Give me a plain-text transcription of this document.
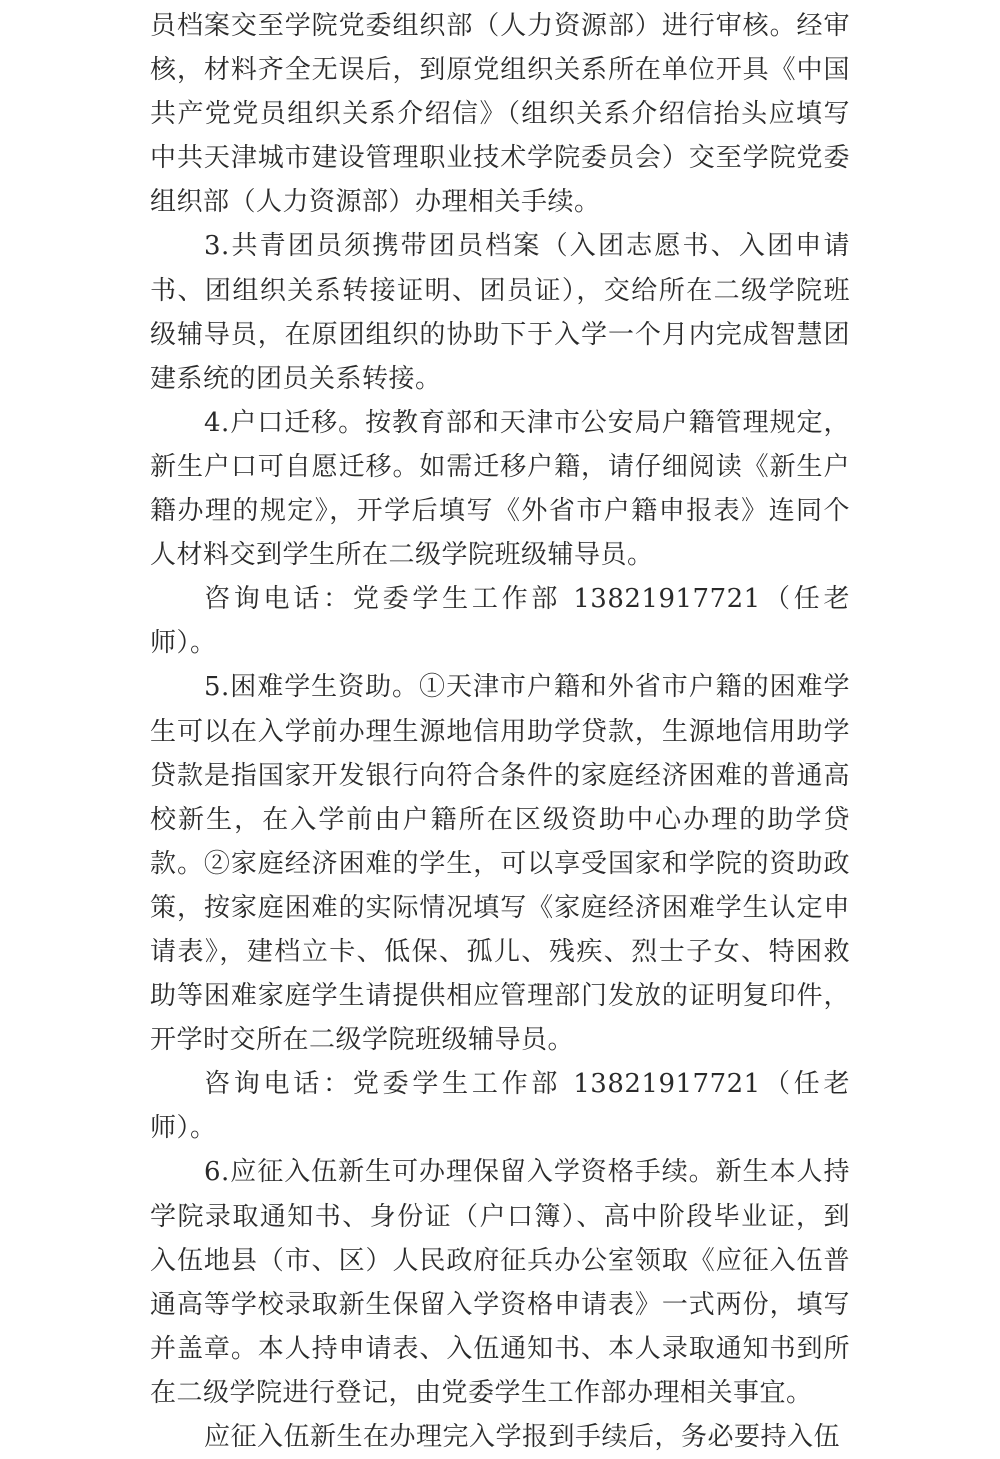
员档案交至学院党委组织部（人力资源部）进行审核。经审核，材料齐全无误后，到原党组织关系所在单位开具《中国共产党党员组织关系介绍信》（组织关系介绍信抬头应填写中共天津城市建设管理职业技术学院委员会）交至学院党委组织部（人力资源部）办理相关手续。

3.共青团员须携带团员档案（入团志愿书、入团申请书、团组织关系转接证明、团员证），交给所在二级学院班级辅导员，在原团组织的协助下于入学一个月内完成智慧团建系统的团员关系转接。

4.户口迁移。按教育部和天津市公安局户籍管理规定，新生户口可自愿迁移。如需迁移户籍，请仔细阅读《新生户籍办理的规定》，开学后填写《外省市户籍申报表》连同个人材料交到学生所在二级学院班级辅导员。

咨询电话：党委学生工作部 13821917721（任老师）。

5.困难学生资助。①天津市户籍和外省市户籍的困难学生可以在入学前办理生源地信用助学贷款，生源地信用助学贷款是指国家开发银行向符合条件的家庭经济困难的普通高校新生，在入学前由户籍所在区级资助中心办理的助学贷款。②家庭经济困难的学生，可以享受国家和学院的资助政策，按家庭困难的实际情况填写《家庭经济困难学生认定申请表》，建档立卡、低保、孤儿、残疾、烈士子女、特困救助等困难家庭学生请提供相应管理部门发放的证明复印件，开学时交所在二级学院班级辅导员。

咨询电话：党委学生工作部 13821917721（任老师）。

6.应征入伍新生可办理保留入学资格手续。新生本人持学院录取通知书、身份证（户口簿）、高中阶段毕业证，到入伍地县（市、区）人民政府征兵办公室领取《应征入伍普通高等学校录取新生保留入学资格申请表》一式两份，填写并盖章。本人持申请表、入伍通知书、本人录取通知书到所在二级学院进行登记，由党委学生工作部办理相关事宜。

应征入伍新生在办理完入学报到手续后，务必要持入伍
